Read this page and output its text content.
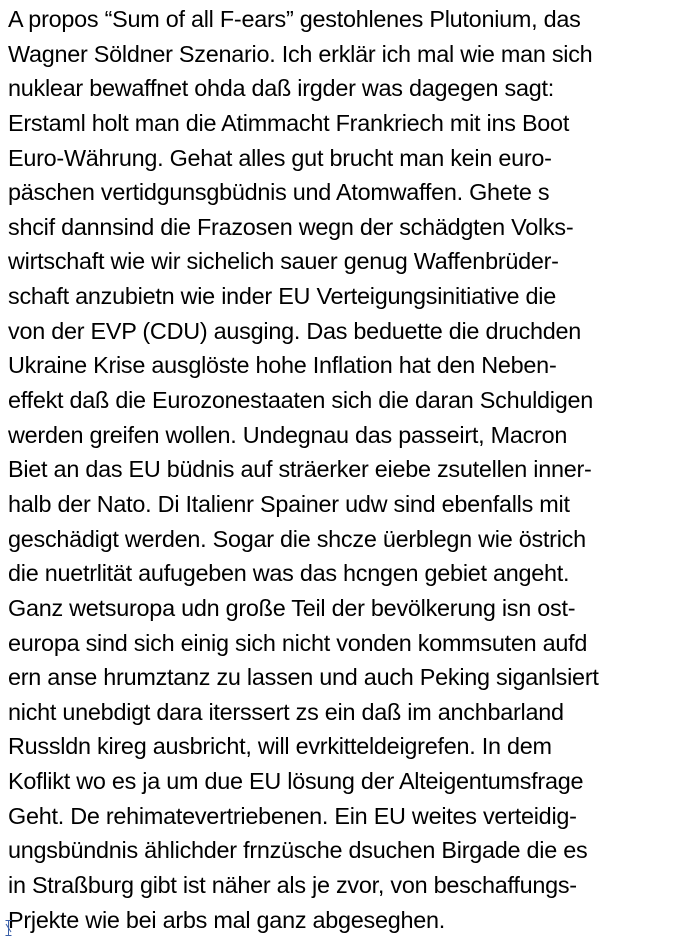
A propos “Sum of all F-ears” gestohlenes Plutonium, das
Wagner Söldner Szenario. Ich erklär ich mal wie man sich
nuklear bewaffnet ohda daß irgder was dagegen sagt:
Erstaml holt man die Atimmacht Frankriech mit ins Boot
Euro-Währung. Gehat alles gut brucht man kein euro-
päschen vertidgunsgbüdnis und Atomwaffen. Ghete s
shcif dannsind die Frazosen wegn der schädgten Volks-
wirtschaft wie wir sichelich sauer genug Waffenbrüder-
schaft anzubietn wie inder EU Verteigungsinitiative die
von der EVP (CDU) ausging. Das beduette die druchden
Ukraine Krise ausglöste hohe Inflation hat den Neben-
effekt daß die Eurozonestaaten sich die daran Schuldigen
werden greifen wollen. Undegnau das passeirt, Macron
Biet an das EU büdnis auf sträerker eiebe zsutellen inner-
halb der Nato. Di Italienr Spainer udw sind ebenfalls mit
geschädigt werden. Sogar die shcze üerblegn wie östrich
die nuetrlität aufugeben was das hcngen gebiet angeht.
Ganz wetsuropa udn große Teil der bevölkerung isn ost-
europa sind sich einig sich nicht vonden kommsuten aufd
ern anse hrumztanz zu lassen und auch Peking siganlsiert
nicht unebdigt dara iterssert zs ein daß im anchbarland
Russldn kireg ausbricht, will evrkitteldeigrefen. In dem
Koflikt wo es ja um due EU lösung der Alteigentumsfrage
Geht. De rehimatevertriebenen. Ein EU weites verteidig-
ungsbündnis ählichder frnzüsche dsuchen Birgade die es
in Straßburg gibt ist näher als je zvor, von beschaffungs-
Prjekte wie bei arbs mal ganz abgeseghen.
